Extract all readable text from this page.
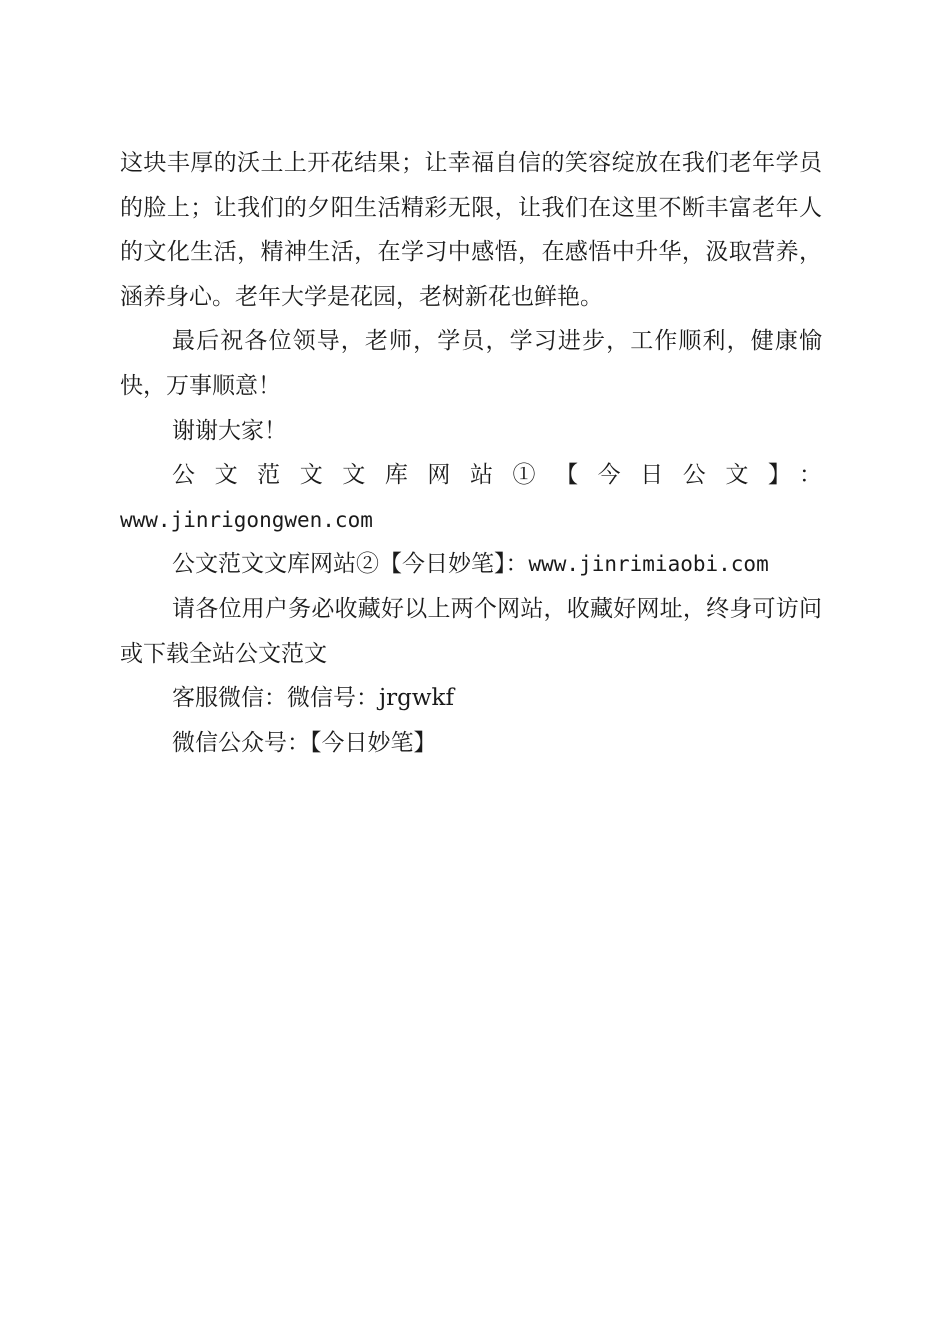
这块丰厚的沃土上开花结果；让幸福自信的笑容绽放在我们老年学员的脸上；让我们的夕阳生活精彩无限，让我们在这里不断丰富老年人的文化生活，精神生活，在学习中感悟，在感悟中升华，汲取营养，涵养身心。老年大学是花园，老树新花也鲜艳。

最后祝各位领导，老师，学员，学习进步，工作顺利，健康愉快，万事顺意！

谢谢大家！

公文范文文库网站①【今日公文】：

www.jinrigongwen.com

公文范文文库网站②【今日妙笔】：www.jinrimiaobi.com

请各位用户务必收藏好以上两个网站，收藏好网址，终身可访问或下载全站公文范文

客服微信：微信号：jrgwkf

微信公众号：【今日妙笔】
